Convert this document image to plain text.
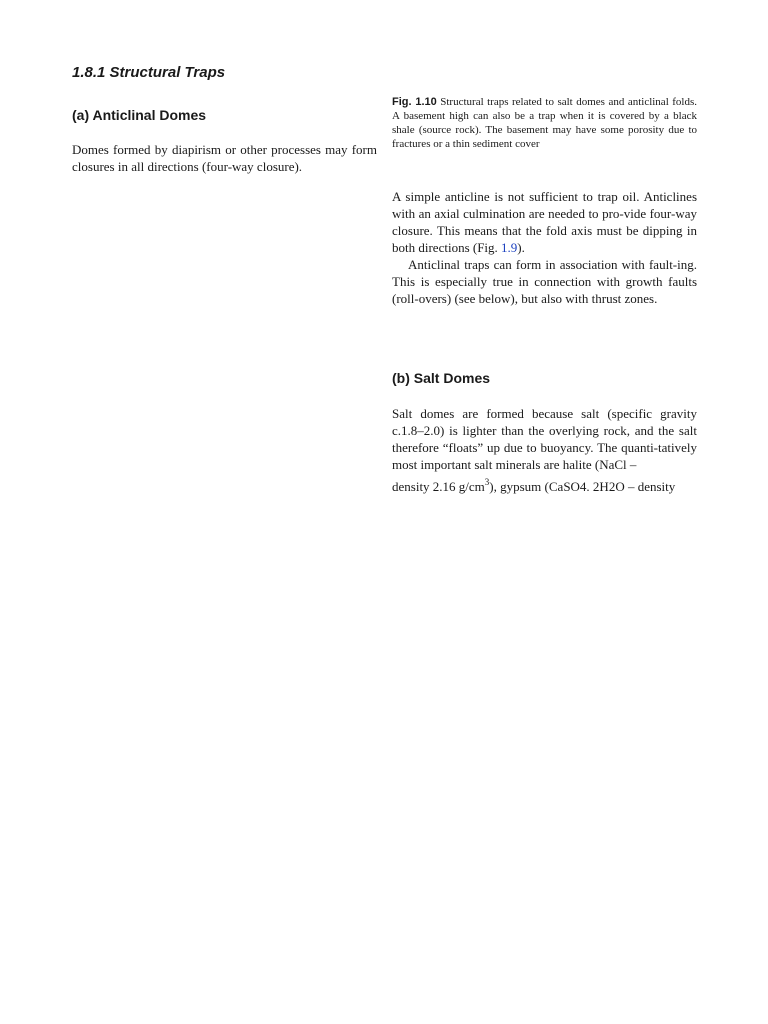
1.8.1 Structural Traps
(a) Anticlinal Domes

Domes formed by diapirism or other processes may form closures in all directions (four-way closure).

Fig. 1.10 Structural traps related to salt domes and anticlinal folds. A basement high can also be a trap when it is covered by a black shale (source rock). The basement may have some porosity due to fractures or a thin sediment cover

A simple anticline is not sufficient to trap oil. Anticlines with an axial culmination are needed to pro-vide four-way closure. This means that the fold axis must be dipping in both directions (Fig. 1.9).

Anticlinal traps can form in association with fault-ing. This is especially true in connection with growth faults (roll-overs) (see below), but also with thrust zones.

(b) Salt Domes

Salt domes are formed because salt (specific gravity c.1.8–2.0) is lighter than the overlying rock, and the salt therefore “floats” up due to buoyancy. The quanti-tatively most important salt minerals are halite (NaCl –
density 2.16 $g/cm^3$), gypsum (CaSO4. 2H2O – density
